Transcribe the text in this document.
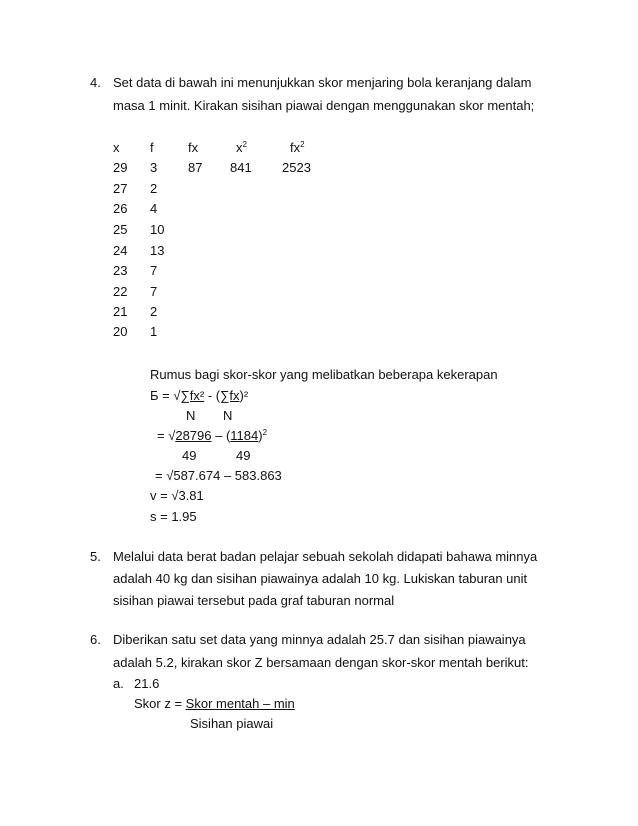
4. Set data di bawah ini menunjukkan skor menjaring bola keranjang dalam
masa 1 minit. Kirakan sisihan piawai dengan menggunakan skor mentah;
x f	fx	$x^2$	$fx^2$
29 3 87 841 2523
27 2
26 4
25 10
24 13
23 7
22 7
21 2
20 1
Rumus bagi skor-skor yang melibatkan beberapa kekerapan
Б = √∑fx² - (∑fx)²
N N
= $√28796 - (1184)^2$
49	49
= √587.674 – 583.863
v = √3.81
s = 1.95
5. Melalui data berat badan pelajar sebuah sekolah didapati bahawa minnya
adalah 40 kg dan sisihan piawainya adalah 10 kg. Lukiskan taburan unit
sisihan piawai tersebut pada graf taburan normal
6. Diberikan satu set data yang minnya adalah 25.7 dan sisihan piawainya
adalah 5.2, kirakan skor Z bersamaan dengan skor-skor mentah berikut:
a. 21.6
Skor z = Skor mentah – min
Sisihan piawai
